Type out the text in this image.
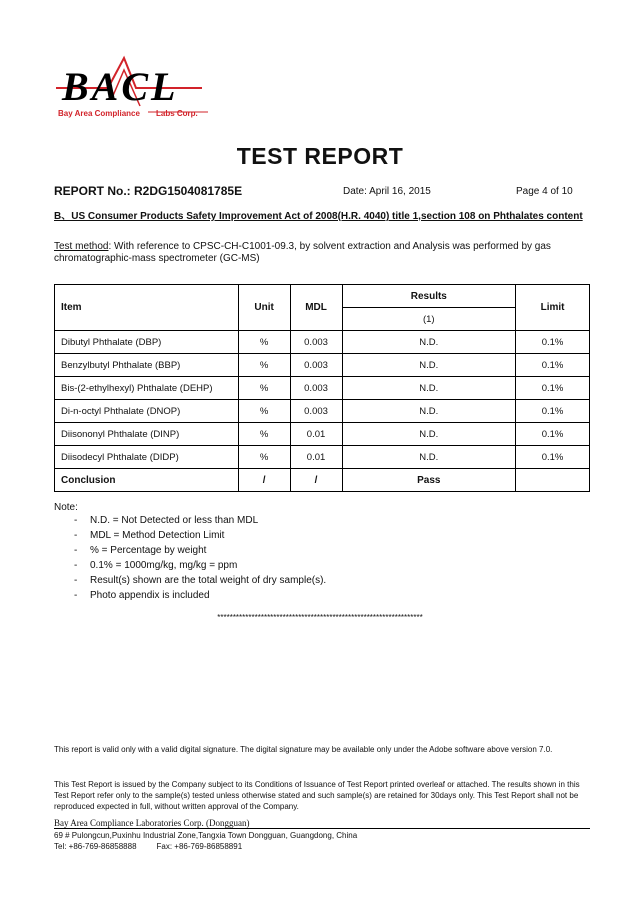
BACL
Bay Area Compliance Labs Corp.
TEST REPORT
REPORT No.: R2DG1504081785E	Date: April 16, 2015	Page 4 of 10
B、US Consumer Products Safety Improvement Act of 2008(H.R. 4040) title 1,section 108 on Phthalates content
Test method: With reference to CPSC-CH-C1001-09.3, by solvent extraction and Analysis was performed by gas chromatographic-mass spectrometer (GC-MS)
Item	Unit	MDL	Results	Limit
			(1)	
Dibutyl Phthalate (DBP)	%	0.003	N.D.	0.1%
Benzylbutyl Phthalate (BBP)	%	0.003	N.D.	0.1%
Bis-(2-ethylhexyl) Phthalate (DEHP)	%	0.003	N.D.	0.1%
Di-n-octyl Phthalate (DNOP)	%	0.003	N.D.	0.1%
Diisononyl Phthalate (DINP)	%	0.01	N.D.	0.1%
Diisodecyl Phthalate (DIDP)	%	0.01	N.D.	0.1%
Conclusion	/	/	Pass	
Note:
- N.D. = Not Detected or less than MDL
- MDL = Method Detection Limit
- % = Percentage by weight
- 0.1% = 1000mg/kg, mg/kg = ppm
- Result(s) shown are the total weight of dry sample(s).
- Photo appendix is included
******************************************************************
This report is valid only with a valid digital signature. The digital signature may be available only under the Adobe software above version 7.0.
This Test Report is issued by the Company subject to its Conditions of Issuance of Test Report printed overleaf or attached. The results shown in this Test Report refer only to the sample(s) tested unless otherwise stated and such sample(s) are retained for 30days only. This Test Report shall not be reproduced expected in full, without written approval of the Company.
Bay Area Compliance Laboratories Corp. (Dongguan)
69 # Pulongcun,Puxinhu Industrial Zone,Tangxia Town Dongguan, Guangdong, China
Tel: +86-769-86858888	Fax: +86-769-86858891
